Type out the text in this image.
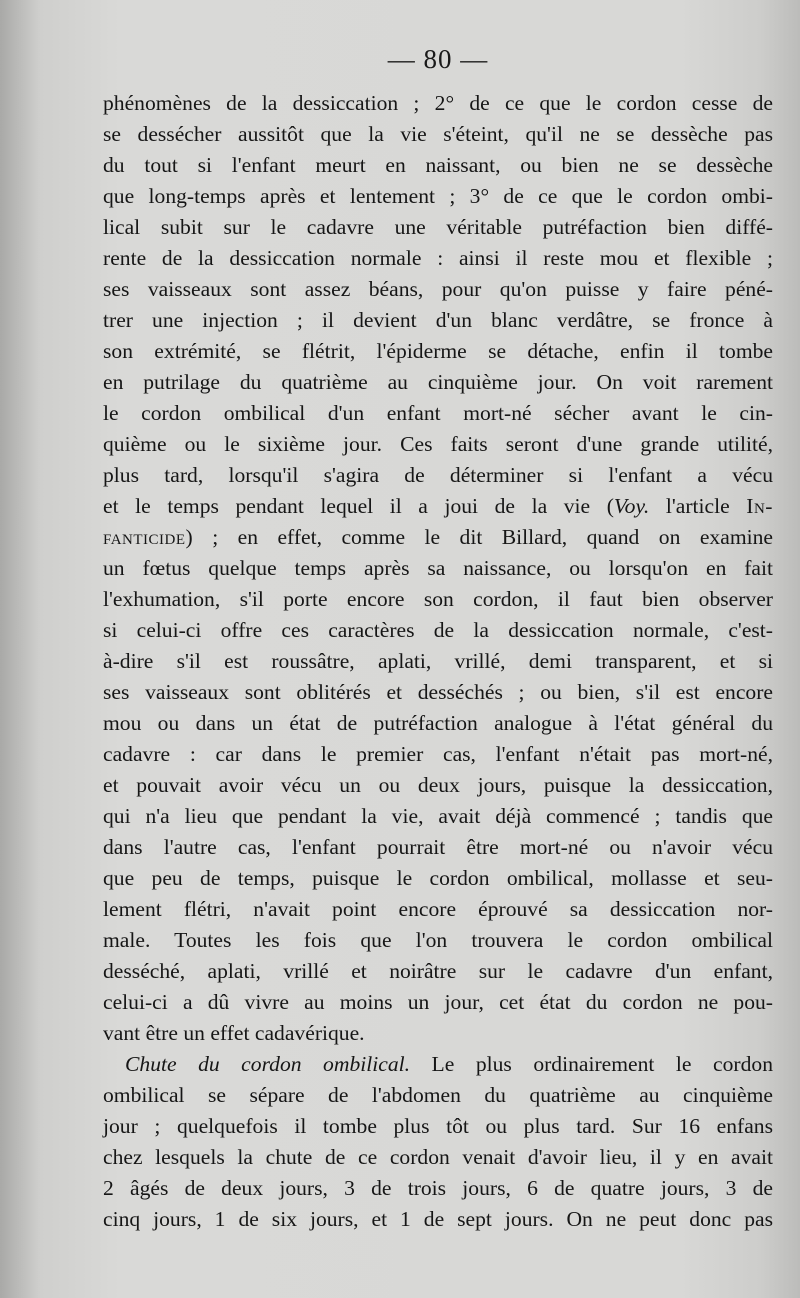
— 80 —
phénomènes de la dessiccation ; 2° de ce que le cordon cesse de
se dessécher aussitôt que la vie s'éteint, qu'il ne se dessèche pas
du tout si l'enfant meurt en naissant, ou bien ne se dessèche
que long-temps après et lentement ; 3° de ce que le cordon ombi-
lical subit sur le cadavre une véritable putréfaction bien diffé-
rente de la dessiccation normale : ainsi il reste mou et flexible ;
ses vaisseaux sont assez béans, pour qu'on puisse y faire péné-
trer une injection ; il devient d'un blanc verdâtre, se fronce à
son extrémité, se flétrit, l'épiderme se détache, enfin il tombe
en putrilage du quatrième au cinquième jour. On voit rarement
le cordon ombilical d'un enfant mort-né sécher avant le cin-
quième ou le sixième jour. Ces faits seront d'une grande utilité,
plus tard, lorsqu'il s'agira de déterminer si l'enfant a vécu
et le temps pendant lequel il a joui de la vie (Voy. l'article In-
fanticide) ; en effet, comme le dit Billard, quand on examine
un fœtus quelque temps après sa naissance, ou lorsqu'on en fait
l'exhumation, s'il porte encore son cordon, il faut bien observer
si celui-ci offre ces caractères de la dessiccation normale, c'est-
à-dire s'il est roussâtre, aplati, vrillé, demi transparent, et si
ses vaisseaux sont oblitérés et desséchés ; ou bien, s'il est encore
mou ou dans un état de putréfaction analogue à l'état général du
cadavre : car dans le premier cas, l'enfant n'était pas mort-né,
et pouvait avoir vécu un ou deux jours, puisque la dessiccation,
qui n'a lieu que pendant la vie, avait déjà commencé ; tandis que
dans l'autre cas, l'enfant pourrait être mort-né ou n'avoir vécu
que peu de temps, puisque le cordon ombilical, mollasse et seu-
lement flétri, n'avait point encore éprouvé sa dessiccation nor-
male. Toutes les fois que l'on trouvera le cordon ombilical
desséché, aplati, vrillé et noirâtre sur le cadavre d'un enfant,
celui-ci a dû vivre au moins un jour, cet état du cordon ne pou-
vant être un effet cadavérique.
Chute du cordon ombilical. Le plus ordinairement le cordon
ombilical se sépare de l'abdomen du quatrième au cinquième
jour ; quelquefois il tombe plus tôt ou plus tard. Sur 16 enfans
chez lesquels la chute de ce cordon venait d'avoir lieu, il y en avait
2 âgés de deux jours, 3 de trois jours, 6 de quatre jours, 3 de
cinq jours, 1 de six jours, et 1 de sept jours. On ne peut donc pas
